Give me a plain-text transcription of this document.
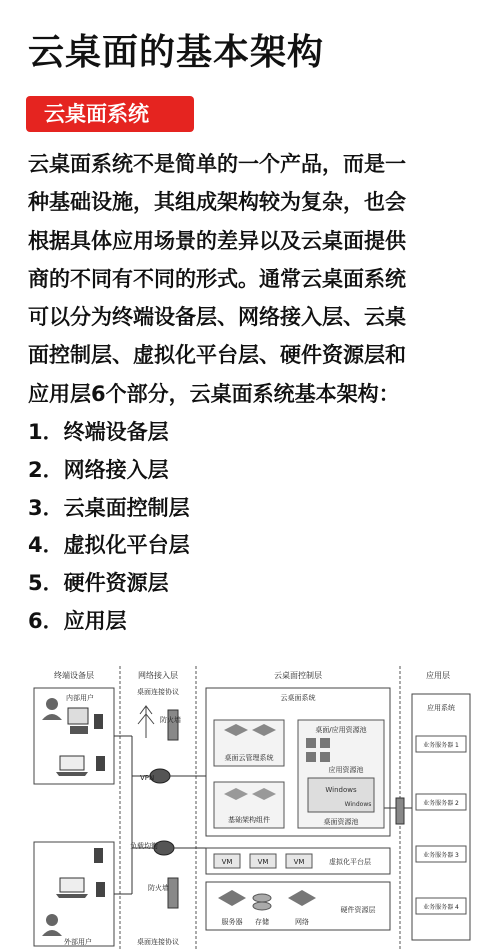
云桌面的基本架构
云桌面系统
云桌面系统不是简单的一个产品，而是一
种基础设施，其组成架构较为复杂，也会
根据具体应用场景的差异以及云桌面提供
商的不同有不同的形式。通常云桌面系统
可以分为终端设备层、网络接入层、云桌
面控制层、虚拟化平台层、硬件资源层和
应用层6个部分，云桌面系统基本架构：
1．终端设备层
2．网络接入层
3．云桌面控制层
4．虚拟化平台层
5．硬件资源层
6．应用层
终端设备层	网络接入层	云桌面控制层	应用层
内部用户
外部用户
桌面连接协议
防火墙
VPN
负载均衡
防火墙
桌面连接协议
云桌面系统
桌面云管理系统
基础架构组件
桌面/应用资源池
应用资源池
Windows
Windows
桌面资源池
VM	VM	VM	虚拟化平台层
服务器 存储	网络
硬件资源层
应用系统
业务服务器 1
业务服务器 2
业务服务器 3
业务服务器 4
